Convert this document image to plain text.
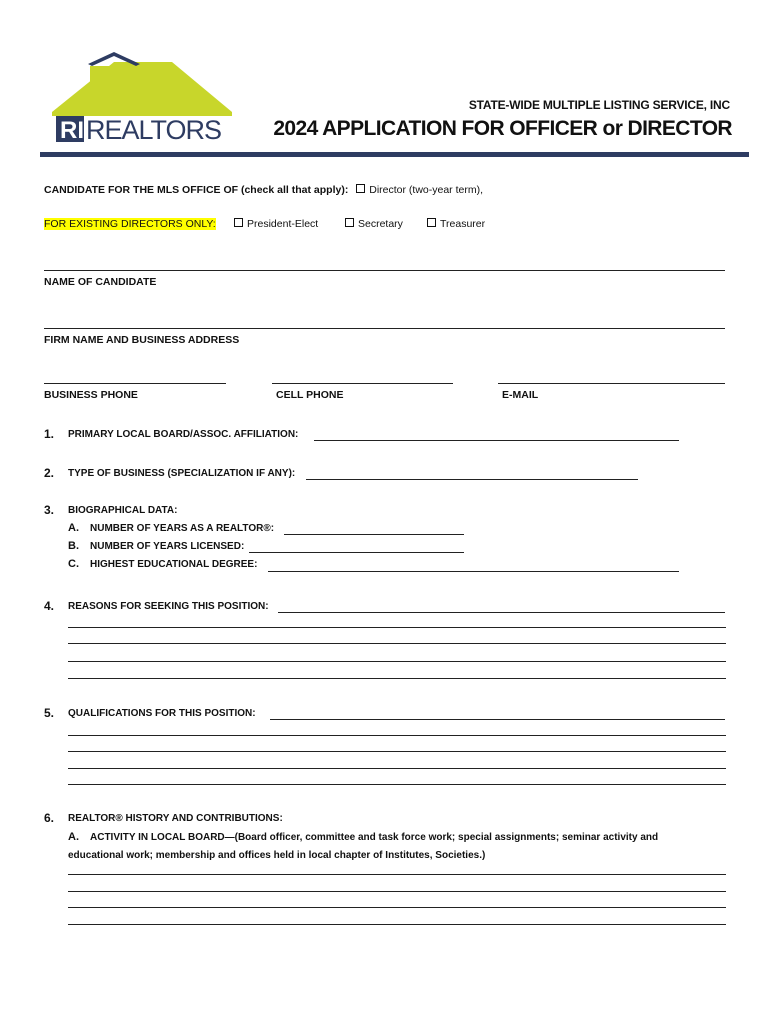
RI REALTORS
STATE-WIDE MULTIPLE LISTING SERVICE, INC
2024 APPLICATION FOR OFFICER or DIRECTOR
CANDIDATE FOR THE MLS OFFICE OF (check all that apply): Director (two-year term),
FOR EXISTING DIRECTORS ONLY:	President-Elect	Secretary	Treasurer
NAME OF CANDIDATE
FIRM NAME AND BUSINESS ADDRESS
BUSINESS PHONE	CELL PHONE	E-MAIL
1. PRIMARY LOCAL BOARD/ASSOC. AFFILIATION:
2. TYPE OF BUSINESS (SPECIALIZATION IF ANY):
3. BIOGRAPHICAL DATA:
A. NUMBER OF YEARS AS A REALTOR®:
B. NUMBER OF YEARS LICENSED:
C. HIGHEST EDUCATIONAL DEGREE:
4. REASONS FOR SEEKING THIS POSITION:
5. QUALIFICATIONS FOR THIS POSITION:
6. REALTOR® HISTORY AND CONTRIBUTIONS:
A. ACTIVITY IN LOCAL BOARD—(Board officer, committee and task force work; special assignments; seminar activity and
educational work; membership and offices held in local chapter of Institutes, Societies.)
